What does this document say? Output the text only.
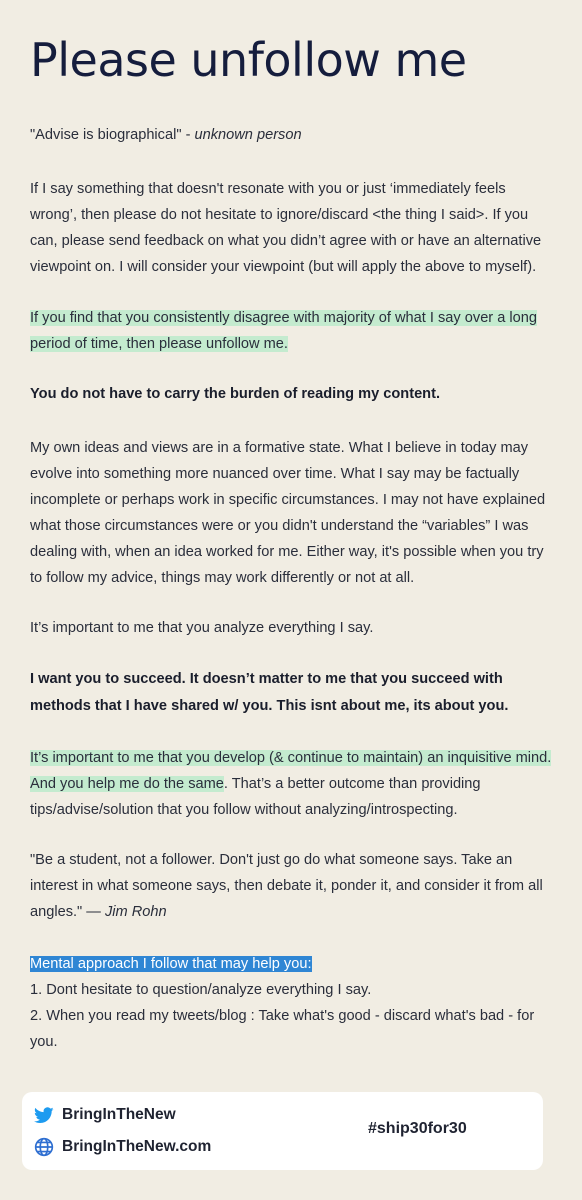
Please unfollow me

"Advise is biographical" - unknown person

If I say something that doesn't resonate with you or just ‘immediately feels wrong’, then please do not hesitate to ignore/discard <the thing I said>. If you can, please send feedback on what you didn’t agree with or have an alternative viewpoint on. I will consider your viewpoint (but will apply the above to myself).

If you find that you consistently disagree with majority of what I say over a long period of time, then please unfollow me.

You do not have to carry the burden of reading my content.

My own ideas and views are in a formative state. What I believe in today may evolve into something more nuanced over time. What I say may be factually incomplete or perhaps work in specific circumstances. I may not have explained what those circumstances were or you didn't understand the “variables” I was dealing with, when an idea worked for me. Either way, it's possible when you try to follow my advice, things may work differently or not at all.

It’s important to me that you analyze everything I say.

I want you to succeed. It doesn’t matter to me that you succeed with methods that I have shared w/ you. This isnt about me, its about you.

It’s important to me that you develop (& continue to maintain) an inquisitive mind. And you help me do the same. That’s a better outcome than providing tips/advise/solution that you follow without analyzing/introspecting.

"Be a student, not a follower. Don't just go do what someone says. Take an interest in what someone says, then debate it, ponder it, and consider it from all angles." — Jim Rohn

Mental approach I follow that may help you:

1. Dont hesitate to question/analyze everything I say.

2. When you read my tweets/blog : Take what's good - discard what's bad - for you.

BringInTheNew
BringInTheNew.com
#ship30for30
